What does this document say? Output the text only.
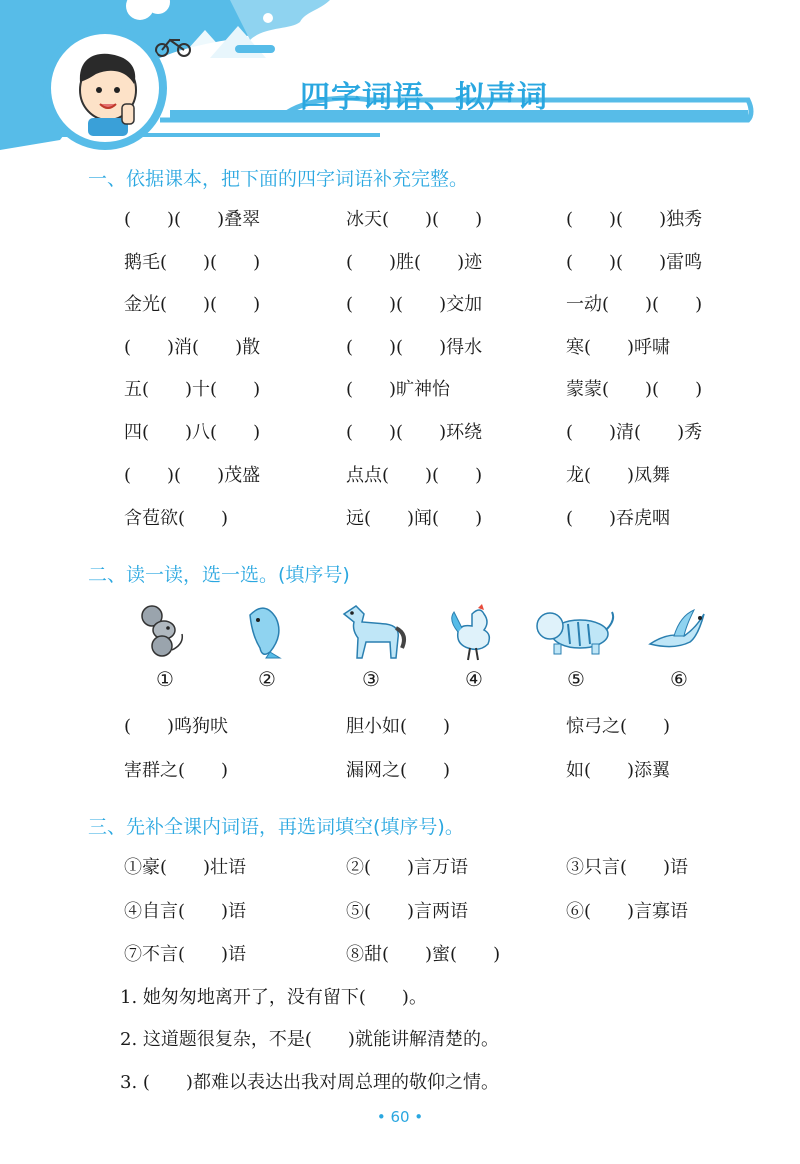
四字词语、拟声词
一、依据课本，把下面的四字词语补充完整。
(　　)(　　)叠翠	冰天(　　)(　　)	(　　)(　　)独秀
鹅毛(　　)(　　)	(　　)胜(　　)迹	(　　)(　　)雷鸣
金光(　　)(　　)	(　　)(　　)交加	一动(　　)(　　)
(　　)消(　　)散	(　　)(　　)得水	寒(　　)呼啸
五(　　)十(　　)	(　　)旷神怡	蒙蒙(　　)(　　)
四(　　)八(　　)	(　　)(　　)环绕	(　　)清(　　)秀
(　　)(　　)茂盛	点点(　　)(　　)	龙(　　)凤舞
含苞欲(　　)	远(　　)闻(　　)	(　　)吞虎咽
二、读一读，选一选。(填序号)
①	②	③	④	⑤	⑥
(　　)鸣狗吠	胆小如(　　)	惊弓之(　　)
害群之(　　)	漏网之(　　)	如(　　)添翼
三、先补全课内词语，再选词填空(填序号)。
①豪(　　)壮语	②(　　)言万语	③只言(　　)语
④自言(　　)语	⑤(　　)言两语	⑥(　　)言寡语
⑦不言(　　)语	⑧甜(　　)蜜(　　)
1. 她匆匆地离开了，没有留下(　　)。
2. 这道题很复杂，不是(　　)就能讲解清楚的。
3. (　　)都难以表达出我对周总理的敬仰之情。
• 60 •
